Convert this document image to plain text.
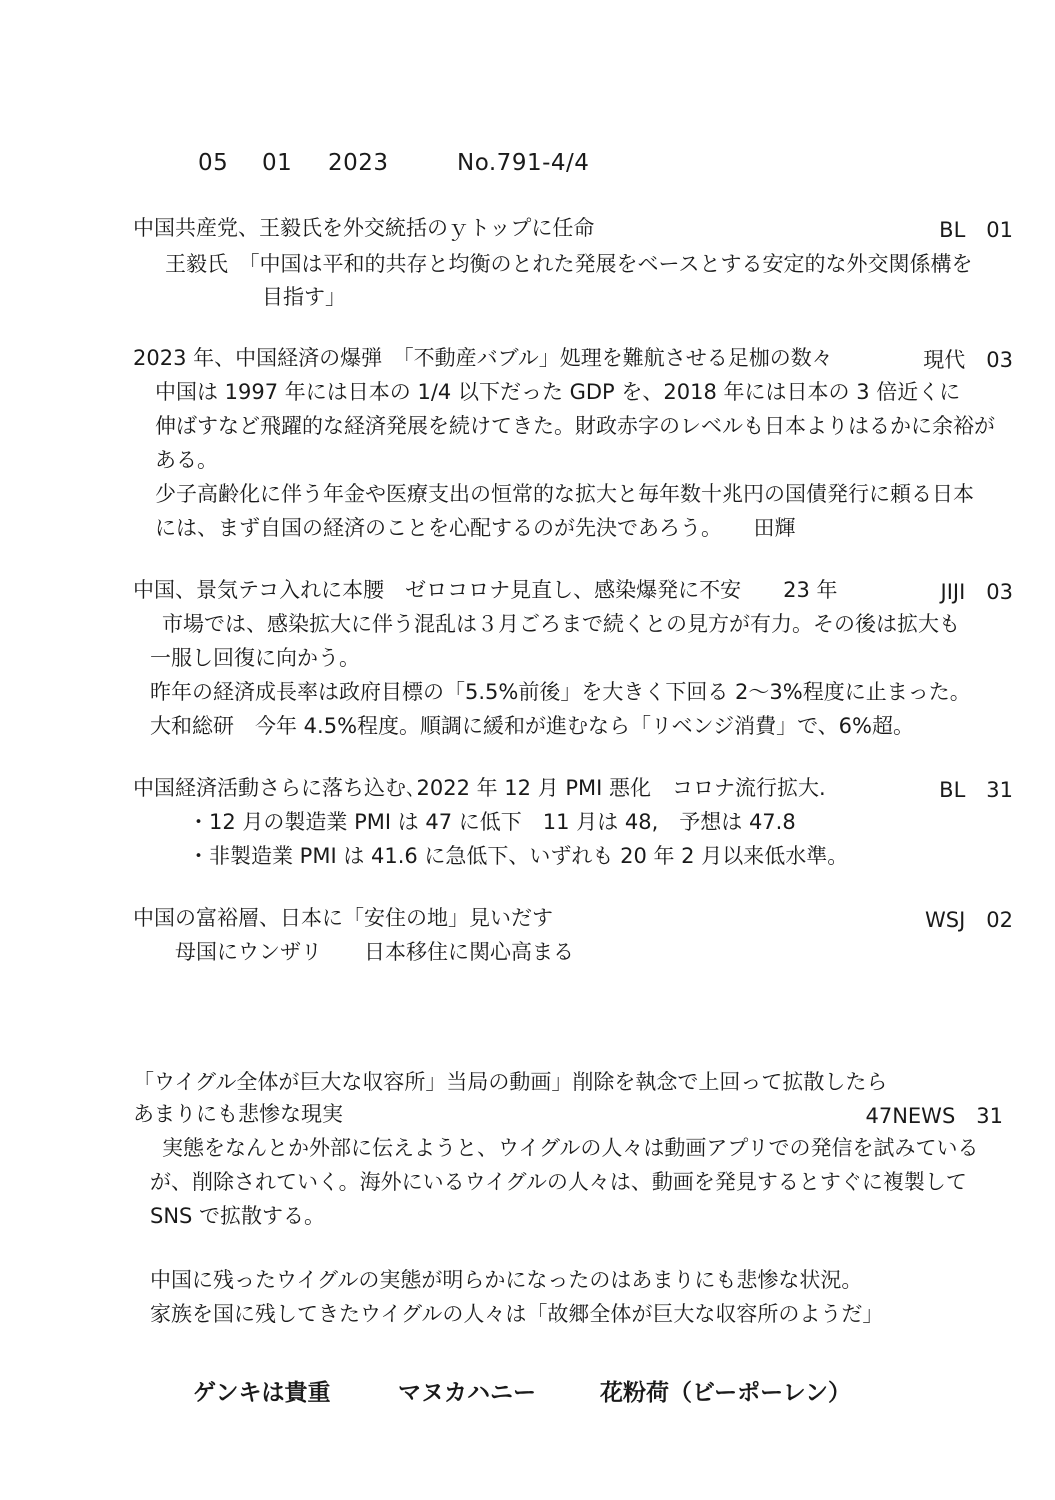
05 01 2023	No.791-4/4
中国共産党、王毅氏を外交統括のｙトップに任命	BL　01
王毅氏　「中国は平和的共存と均衡のとれた発展をベースとする安定的な外交関係構を
目指す」
2023 年、中国経済の爆弾　「不動産バブル」処理を難航させる足枷の数々	現代　03
中国は 1997 年には日本の 1/4 以下だった GDP を、2018 年には日本の 3 倍近くに
伸ばすなど飛躍的な経済発展を続けてきた。財政赤字のレベルも日本よりはるかに余裕が
ある。
少子高齢化に伴う年金や医療支出の恒常的な拡大と毎年数十兆円の国債発行に頼る日本
には、まず自国の経済のことを心配するのが先決であろう。　　田輝
中国、景気テコ入れに本腰　ゼロコロナ見直し、感染爆発に不安　　23 年	JIJI　03
市場では、感染拡大に伴う混乱は３月ごろまで続くとの見方が有力。その後は拡大も
一服し回復に向かう。
昨年の経済成長率は政府目標の「5.5%前後」を大きく下回る 2～3%程度に止まった。
大和総研　今年 4.5%程度。順調に緩和が進むなら「リベンジ消費」で、6%超。
中国経済活動さらに落ち込む､2022 年 12 月 PMI 悪化　コロナ流行拡大.	BL　31
・12 月の製造業 PMI は 47 に低下　11 月は 48,　予想は 47.8
・非製造業 PMI は 41.6 に急低下、いずれも 20 年 2 月以来低水準。
中国の富裕層、日本に「安住の地」見いだす	WSJ　02
母国にウンザリ　　日本移住に関心高まる
「ウイグル全体が巨大な収容所」当局の動画」削除を執念で上回って拡散したら
あまりにも悲惨な現実	47NEWS　31
実態をなんとか外部に伝えようと、ウイグルの人々は動画アプリでの発信を試みている
が、削除されていく。海外にいるウイグルの人々は、動画を発見するとすぐに複製して
SNS で拡散する。
中国に残ったウイグルの実態が明らかになったのはあまりにも悲惨な状況。
家族を国に残してきたウイグルの人々は「故郷全体が巨大な収容所のようだ」
ゲンキは貴重	マヌカハニー	花粉荷（ビーポーレン）
